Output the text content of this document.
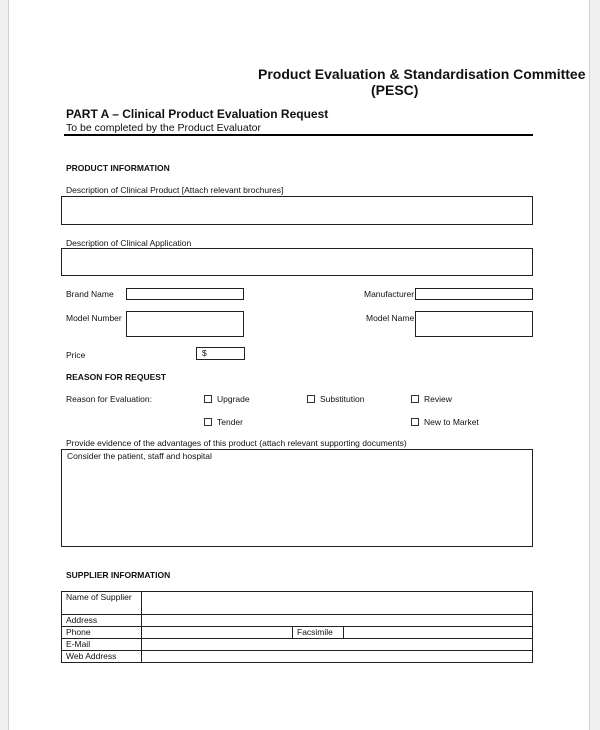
Product Evaluation & Standardisation Committee
(PESC)
PART A – Clinical Product Evaluation Request
To be completed by the Product Evaluator
PRODUCT INFORMATION
Description of Clinical Product [Attach relevant brochures]
Description of Clinical Application
Brand Name	Manufacturer
Model Number	Model Name
Price	$
REASON FOR REQUEST
Reason for Evaluation:	Upgrade	Substitution	Review
Tender	New to Market
Provide evidence of the advantages of this product (attach relevant supporting documents)
Consider the patient, staff and hospital
SUPPLIER INFORMATION
Name of Supplier			
Address			
Phone		Facsimile	
E-Mail			
Web Address			
